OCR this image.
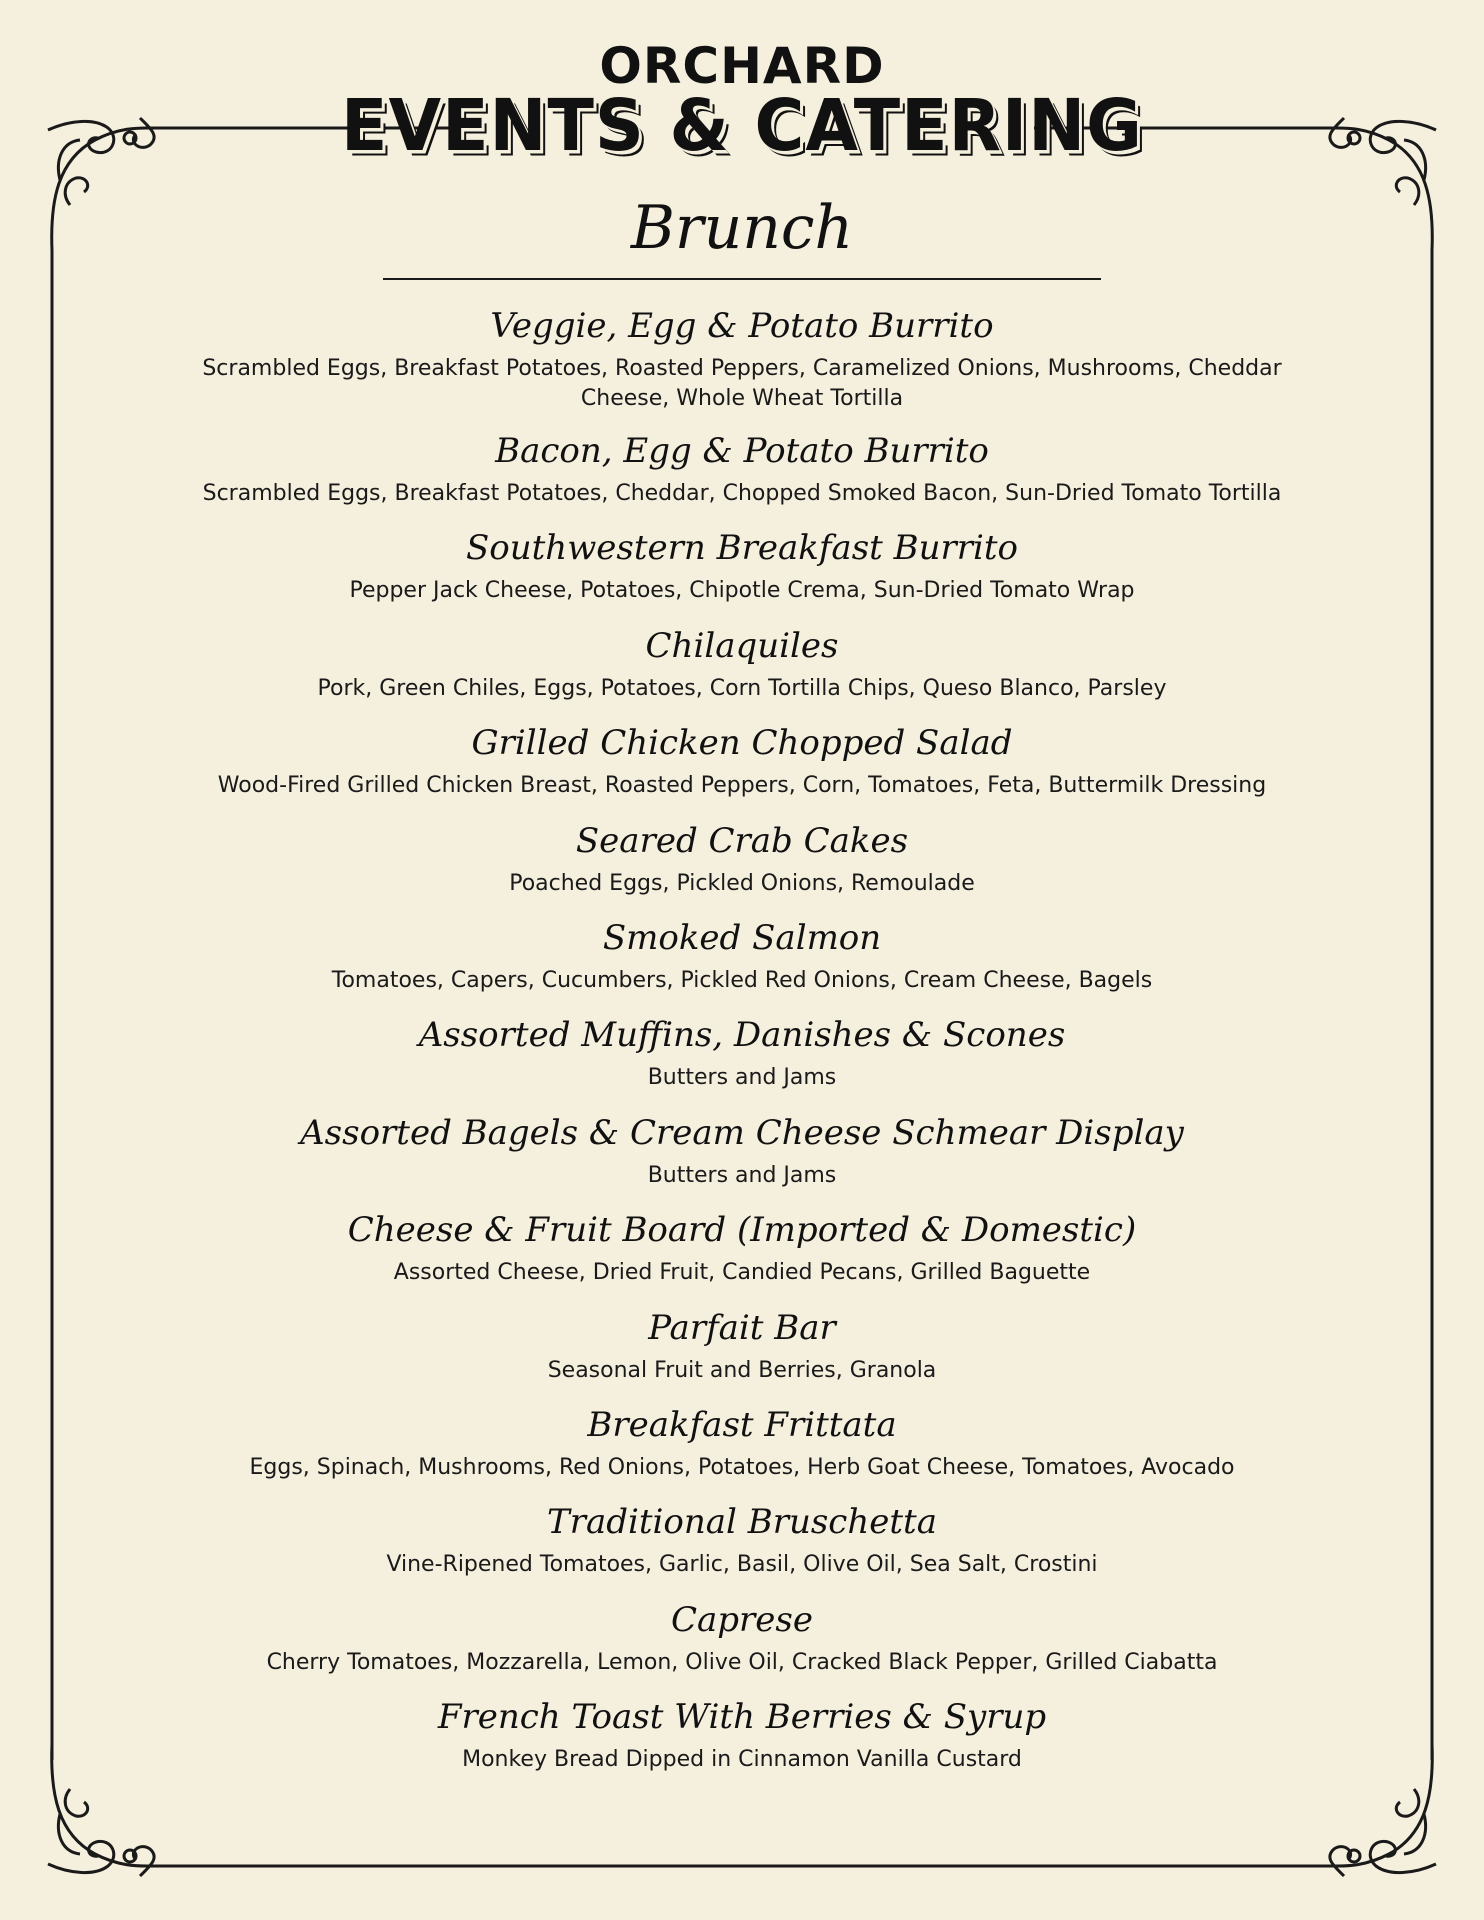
ORCHARD
EVENTS & CATERING
Brunch
Veggie, Egg & Potato Burrito
Scrambled Eggs, Breakfast Potatoes, Roasted Peppers, Caramelized Onions, Mushrooms, Cheddar Cheese, Whole Wheat Tortilla
Bacon, Egg & Potato Burrito
Scrambled Eggs, Breakfast Potatoes, Cheddar, Chopped Smoked Bacon, Sun-Dried Tomato Tortilla
Southwestern Breakfast Burrito
Pepper Jack Cheese, Potatoes, Chipotle Crema, Sun-Dried Tomato Wrap
Chilaquiles
Pork, Green Chiles, Eggs, Potatoes, Corn Tortilla Chips, Queso Blanco, Parsley
Grilled Chicken Chopped Salad
Wood-Fired Grilled Chicken Breast, Roasted Peppers, Corn, Tomatoes, Feta, Buttermilk Dressing
Seared Crab Cakes
Poached Eggs, Pickled Onions, Remoulade
Smoked Salmon
Tomatoes, Capers, Cucumbers, Pickled Red Onions, Cream Cheese, Bagels
Assorted Muffins, Danishes & Scones
Butters and Jams
Assorted Bagels & Cream Cheese Schmear Display
Butters and Jams
Cheese & Fruit Board (Imported & Domestic)
Assorted Cheese, Dried Fruit, Candied Pecans, Grilled Baguette
Parfait Bar
Seasonal Fruit and Berries, Granola
Breakfast Frittata
Eggs, Spinach, Mushrooms, Red Onions, Potatoes, Herb Goat Cheese, Tomatoes, Avocado
Traditional Bruschetta
Vine-Ripened Tomatoes, Garlic, Basil, Olive Oil, Sea Salt, Crostini
Caprese
Cherry Tomatoes, Mozzarella, Lemon, Olive Oil, Cracked Black Pepper, Grilled Ciabatta
French Toast With Berries & Syrup
Monkey Bread Dipped in Cinnamon Vanilla Custard
